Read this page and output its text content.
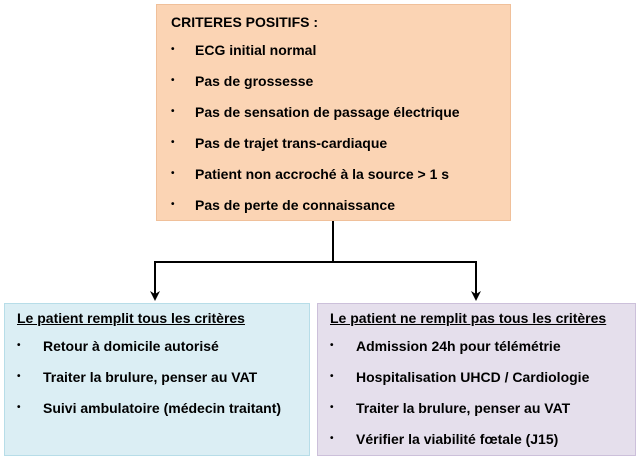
CRITERES POSITIFS :
• ECG initial normal
• Pas de grossesse
• Pas de sensation de passage électrique
• Pas de trajet trans-cardiaque
• Patient non accroché à la source > 1 s
• Pas de perte de connaissance
Le patient remplit tous les critères
• Retour à domicile autorisé
• Traiter la brulure, penser au VAT
• Suivi ambulatoire (médecin traitant)
Le patient ne remplit pas tous les critères
• Admission 24h pour télémétrie
• Hospitalisation UHCD / Cardiologie
• Traiter la brulure, penser au VAT
• Vérifier la viabilité fœtale (J15)
